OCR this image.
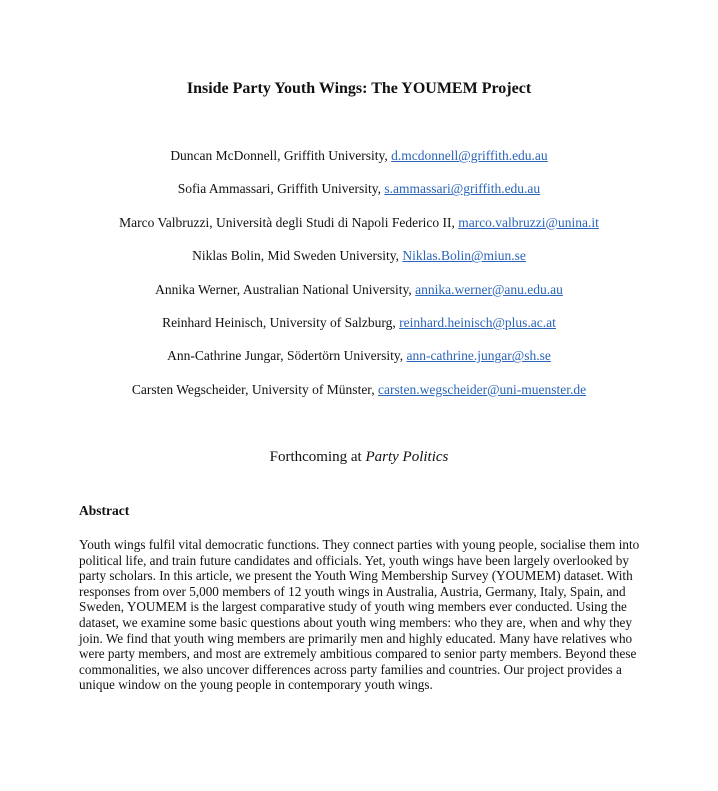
Inside Party Youth Wings: The YOUMEM Project
Duncan McDonnell, Griffith University, d.mcdonnell@griffith.edu.au
Sofia Ammassari, Griffith University, s.ammassari@griffith.edu.au
Marco Valbruzzi, Università degli Studi di Napoli Federico II, marco.valbruzzi@unina.it
Niklas Bolin, Mid Sweden University, Niklas.Bolin@miun.se
Annika Werner, Australian National University, annika.werner@anu.edu.au
Reinhard Heinisch, University of Salzburg, reinhard.heinisch@plus.ac.at
Ann-Cathrine Jungar, Södertörn University, ann-cathrine.jungar@sh.se
Carsten Wegscheider, University of Münster, carsten.wegscheider@uni-muenster.de
Forthcoming at Party Politics
Abstract

Youth wings fulfil vital democratic functions. They connect parties with young people, socialise them into political life, and train future candidates and officials. Yet, youth wings have been largely overlooked by party scholars. In this article, we present the Youth Wing Membership Survey (YOUMEM) dataset. With responses from over 5,000 members of 12 youth wings in Australia, Austria, Germany, Italy, Spain, and Sweden, YOUMEM is the largest comparative study of youth wing members ever conducted. Using the dataset, we examine some basic questions about youth wing members: who they are, when and why they join. We find that youth wing members are primarily men and highly educated. Many have relatives who were party members, and most are extremely ambitious compared to senior party members. Beyond these commonalities, we also uncover differences across party families and countries. Our project provides a unique window on the young people in contemporary youth wings.
